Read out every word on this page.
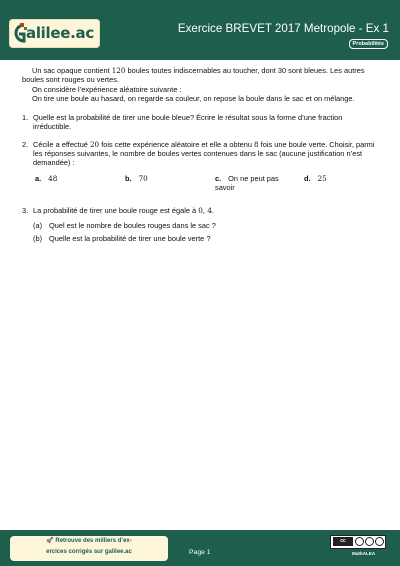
alilee.ac	Exercice BREVET 2017 Metropole - Ex 1
Probabilités

Un sac opaque contient 120 boules toutes indiscernables au toucher, dont 30 sont bleues. Les autres boules sont rouges ou vertes.

On considère l’expérience aléatoire suivante :

On tire une boule au hasard, on regarde sa couleur, on repose la boule dans le sac et on mélange.

1. Quelle est la probabilité de tirer une boule bleue? Écrire le résultat sous la forme d’une fraction irréductible.
2. Cécile a effectué 20 fois cette expérience aléatoire et elle a obtenu 8 fois une boule verte. Choisir, parmi les réponses suivantes, le nombre de boules vertes contenues dans le sac (aucune justification n’est demandée) :
a. 48	b. 70	c. On ne peut pas savoir
d. 25
3. La probabilité de tirer une boule rouge est égale à 0, 4.
(a) Quel est le nombre de boules rouges dans le sac ?
(b) Quelle est la probabilité de tirer une boule verte ?
🚀 Retrouve des milliers d’ex-
ercices corrigés sur galilee.ac	Page 1
cc
MathALEA
